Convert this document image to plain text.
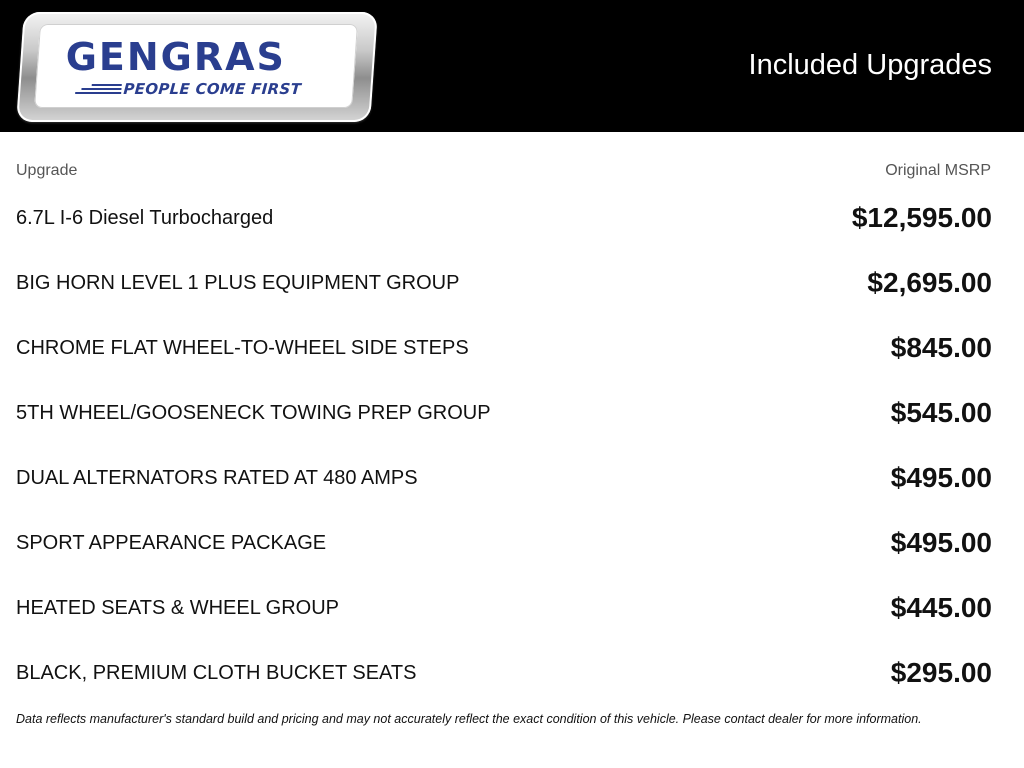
GENGRAS
PEOPLE COME FIRST
Included Upgrades
Upgrade	Original MSRP
6.7L I-6 Diesel Turbocharged	$12,595.00
BIG HORN LEVEL 1 PLUS EQUIPMENT GROUP	$2,695.00
CHROME FLAT WHEEL-TO-WHEEL SIDE STEPS	$845.00
5TH WHEEL/GOOSENECK TOWING PREP GROUP	$545.00
DUAL ALTERNATORS RATED AT 480 AMPS	$495.00
SPORT APPEARANCE PACKAGE	$495.00
HEATED SEATS & WHEEL GROUP	$445.00
BLACK, PREMIUM CLOTH BUCKET SEATS	$295.00
Data reflects manufacturer's standard build and pricing and may not accurately reflect the exact condition of this vehicle. Please contact dealer for more information.
